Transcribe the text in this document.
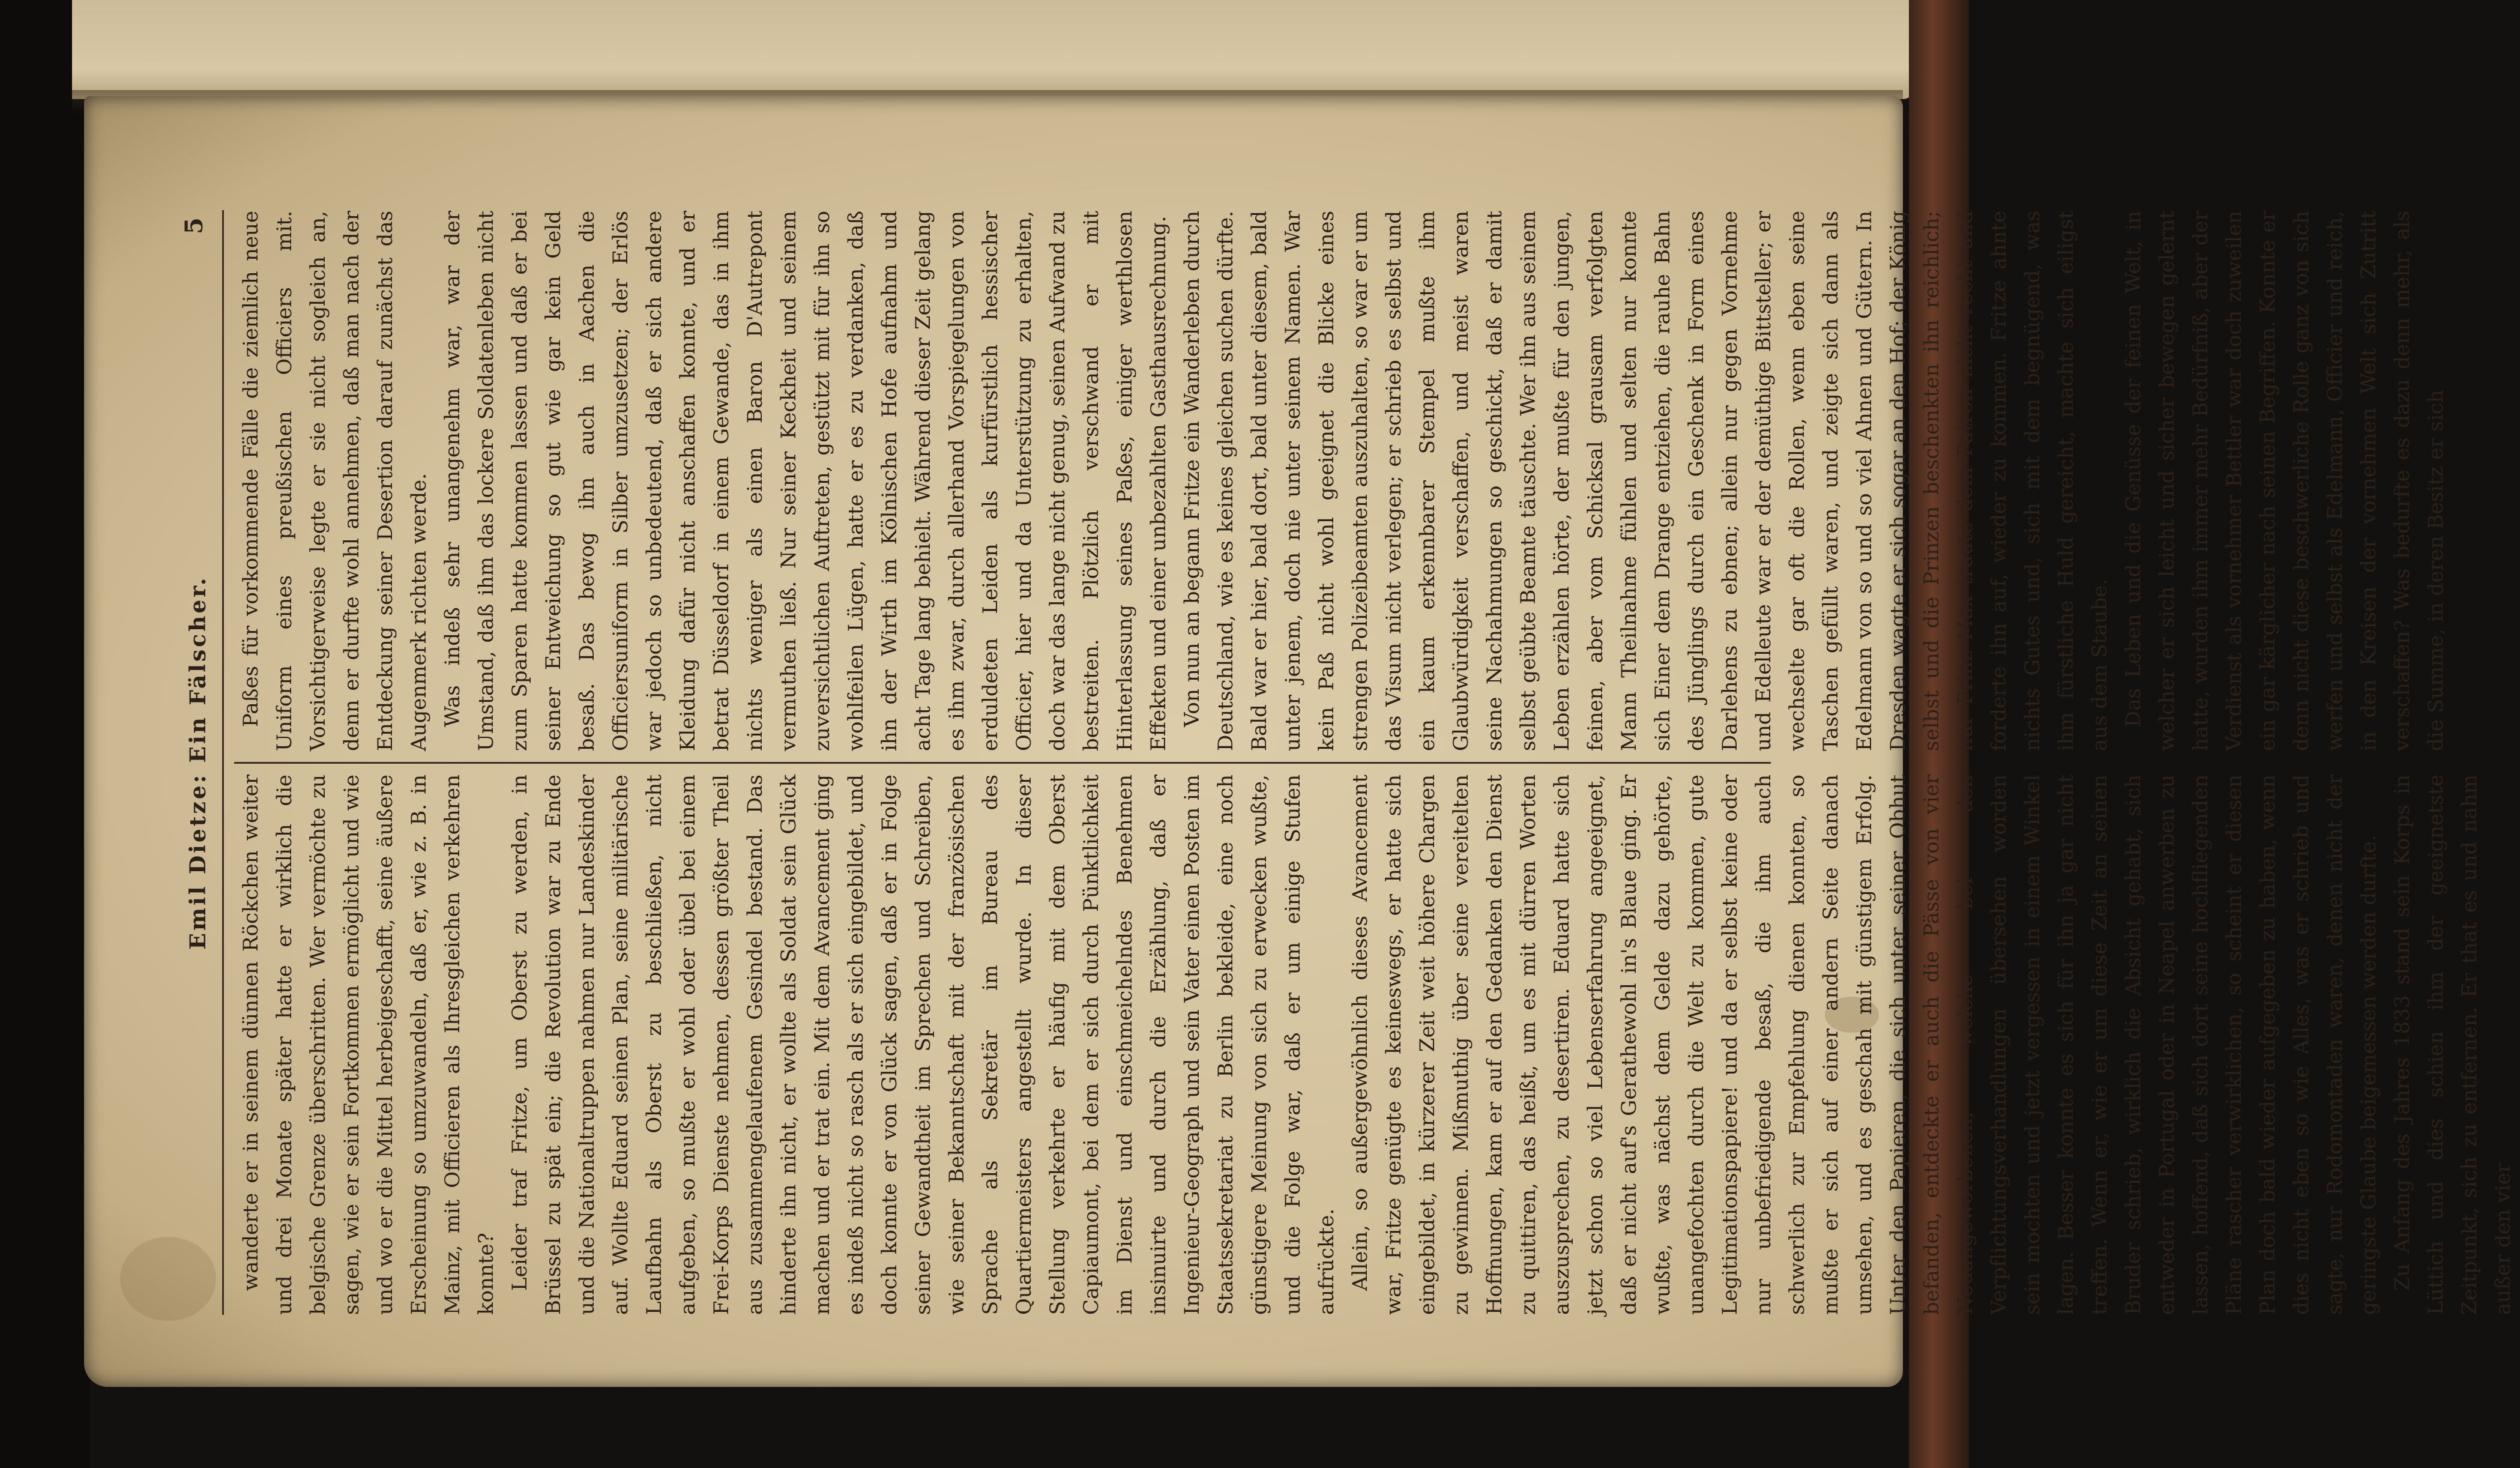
Emil Dietze: Ein Fälscher.
5

wanderte er in seinem dünnen Röckchen weiter und drei Monate später hatte er wirklich die belgische Grenze überschritten. Wer vermöchte zu sagen, wie er sein Fortkommen ermöglicht und wie und wo er die Mittel herbeigeschafft, seine äußere Erscheinung so umzuwandeln, daß er, wie z. B. in Mainz, mit Officieren als Ihresgleichen verkehren konnte? Leider traf Fritze, um Oberst zu werden, in Brüssel zu spät ein; die Revolution war zu Ende und die Nationaltruppen nahmen nur Landeskinder auf. Wollte Eduard seinen Plan, seine militärische Laufbahn als Oberst zu beschließen, nicht aufgeben, so mußte er wohl oder übel bei einem Frei-Korps Dienste nehmen, dessen größter Theil aus zusammengelaufenem Gesindel bestand. Das hinderte ihn nicht, er wollte als Soldat sein Glück machen und er trat ein. Mit dem Avancement ging es indeß nicht so rasch als er sich eingebildet, und doch konnte er von Glück sagen, daß er in Folge seiner Gewandtheit im Sprechen und Schreiben, wie seiner Bekanntschaft mit der französischen Sprache als Sekretär im Bureau des Quartiermeisters angestellt wurde. In dieser Stellung verkehrte er häufig mit dem Oberst Capiaumont, bei dem er sich durch Pünktlichkeit im Dienst und einschmeichelndes Benehmen insinuirte und durch die Erzählung, daß er Ingenieur-Geograph und sein Vater einen Posten im Staatssekretariat zu Berlin bekleide, eine noch günstigere Meinung von sich zu erwecken wußte, und die Folge war, daß er um einige Stufen aufrückte. Allein, so außergewöhnlich dieses Avancement war, Fritze genügte es keineswegs, er hatte sich eingebildet, in kürzerer Zeit weit höhere Chargen zu gewinnen. Mißmuthig über seine vereitelten Hoffnungen, kam er auf den Gedanken den Dienst zu quittiren, das heißt, um es mit dürren Worten auszusprechen, zu desertiren. Eduard hatte sich jetzt schon so viel Lebenserfahrung angeeignet, daß er nicht auf's Gerathewohl in's Blaue ging. Er wußte, was nächst dem Gelde dazu gehörte, unangefochten durch die Welt zu kommen, gute Legitimationspapiere! und da er selbst keine oder nur unbefriedigende besaß, die ihm auch schwerlich zur Empfehlung dienen konnten, so mußte er sich auf einer andern Seite danach umsehen, und es geschah mit günstigem Erfolg. Unter den Papieren, die sich unter seiner Obhut befanden, entdeckte er auch die Pässe von vier Neuangeworbenen, welche bei den Verpflichtungsverhandlungen übersehen worden sein mochten und jetzt vergessen in einem Winkel lagen. Besser konnte es sich für ihn ja gar nicht treffen. Wenn er, wie er um diese Zeit an seinen Bruder schrieb, wirklich die Absicht gehabt, sich entweder in Portugal oder in Neapel anwerben zu lassen, hoffend, daß sich dort seine hochfliegenden Pläne rascher verwirklichen, so scheint er diesen Plan doch bald wieder aufgegeben zu haben, wenn dies nicht eben so wie Alles, was er schrieb und sagte, nur Rodomontaden waren, denen nicht der geringste Glaube beigemessen werden durfte. Zu Anfang des Jahres 1833 stand sein Korps in Lüttich und dies schien ihm der geeignetste Zeitpunkt, sich zu entfernen. Er that es und nahm außer den vier

Paßes für vorkommende Fälle die ziemlich neue Uniform eines preußischen Officiers mit. Vorsichtigerweise legte er sie nicht sogleich an, denn er durfte wohl annehmen, daß man nach der Entdeckung seiner Desertion darauf zunächst das Augenmerk richten werde. Was indeß sehr unangenehm war, war der Umstand, daß ihm das lockere Soldatenleben nicht zum Sparen hatte kommen lassen und daß er bei seiner Entweichung so gut wie gar kein Geld besaß. Das bewog ihn auch in Aachen die Officiersuniform in Silber umzusetzen; der Erlös war jedoch so unbedeutend, daß er sich andere Kleidung dafür nicht anschaffen konnte, und er betrat Düsseldorf in einem Gewande, das in ihm nichts weniger als einen Baron D'Autrepont vermuthen ließ. Nur seiner Keckheit und seinem zuversichtlichen Auftreten, gestützt mit für ihn so wohlfeilen Lügen, hatte er es zu verdanken, daß ihn der Wirth im Kölnischen Hofe aufnahm und acht Tage lang behielt. Während dieser Zeit gelang es ihm zwar, durch allerhand Vorspiegelungen von erduldeten Leiden als kurfürstlich hessischer Officier, hier und da Unterstützung zu erhalten, doch war das lange nicht genug, seinen Aufwand zu bestreiten. Plötzlich verschwand er mit Hinterlassung seines Paßes, einiger werthlosen Effekten und einer unbezahlten Gasthausrechnung. Von nun an begann Fritze ein Wanderleben durch Deutschland, wie es keines gleichen suchen dürfte. Bald war er hier, bald dort, bald unter diesem, bald unter jenem, doch nie unter seinem Namen. War kein Paß nicht wohl geeignet die Blicke eines strengen Polizeibeamten auszuhalten, so war er um das Visum nicht verlegen; er schrieb es selbst und ein kaum erkennbarer Stempel mußte ihm Glaubwürdigkeit verschaffen, und meist waren seine Nachahmungen so geschickt, daß er damit selbst geübte Beamte täuschte. Wer ihn aus seinem Leben erzählen hörte, der mußte für den jungen, feinen, aber vom Schicksal grausam verfolgten Mann Theilnahme fühlen und selten nur konnte sich Einer dem Drange entziehen, die rauhe Bahn des Jünglings durch ein Geschenk in Form eines Darlehens zu ebnen; allein nur gegen Vornehme und Edelleute war er der demüthige Bittsteller; er wechselte gar oft die Rollen, wenn eben seine Taschen gefüllt waren, und zeigte sich dann als Edelmann von so und so viel Ahnen und Gütern. In Dresden wagte er sich sogar an den Hof; der König selbst und die Prinzen beschenkten ihn reichlich; nur Prinz Max traute dem Patron nicht recht und forderte ihn auf, wieder zu kommen. Fritze ahnte nichts Gutes und, sich mit dem begnügend, was ihm fürstliche Huld gereicht, machte sich eiligst aus dem Staube. Das Leben und die Genüsse der feinen Welt, in welcher er sich leicht und sicher bewegen gelernt hatte, wurden ihm immer mehr Bedürfniß, aber der Verdienst als vornehmer Bettler war doch zuweilen ein gar kärglicher nach seinen Begriffen. Konnte er denn nicht diese beschwerliche Rolle ganz von sich werfen und selbst als Edelmann, Officier und reich, in den Kreisen der vornehmen Welt sich Zutritt verschaffen? Was bedurfte es dazu denn mehr, als die Summe, in deren Besitz er sich
